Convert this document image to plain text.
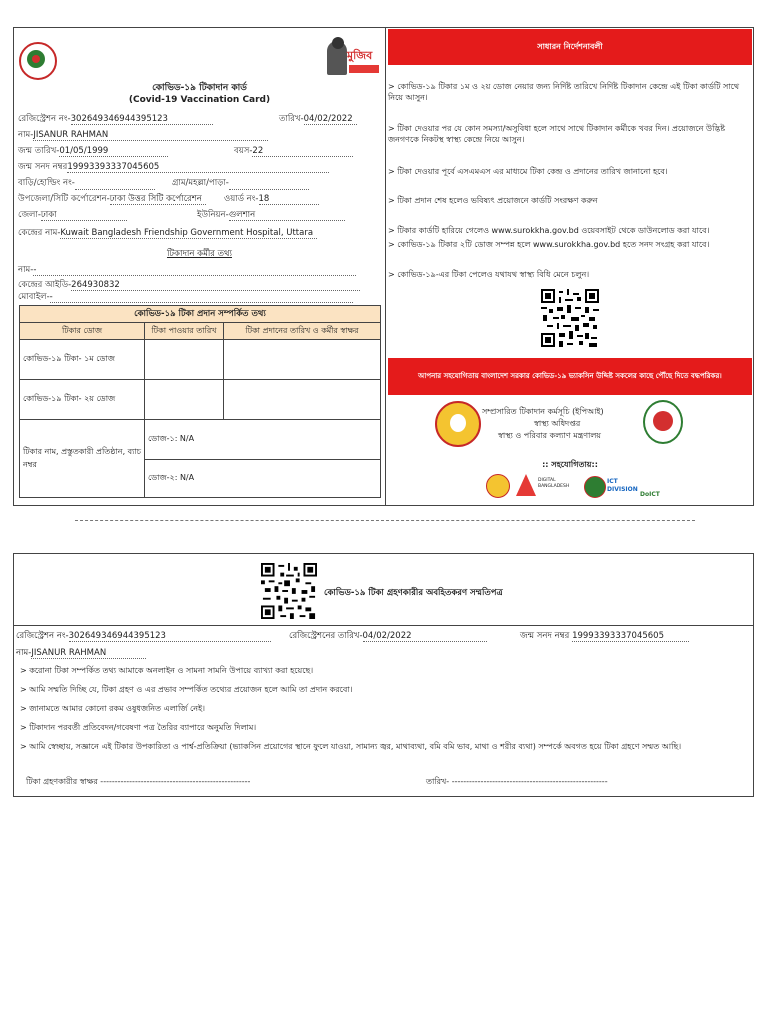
মুজিব
কোভিড-১৯ টিকাদান কার্ড
(Covid-19 Vaccination Card)
রেজিস্ট্রেশন নং-302649346944395123	তারিখ-04/02/2022
নাম-JISANUR RAHMAN
জন্ম তারিখ-01/05/1999	বয়স-22
জন্ম সনদ নম্বর19993393337045605
বাড়ি/হোল্ডিং নং-	গ্রাম/মহল্লা/পাড়া-
উপজেলা/সিটি কর্পোরেশন-ঢাকা উত্তর সিটি কর্পোরেশন	ওয়ার্ড নং-18
জেলা-ঢাকা	ইউনিয়ন-গুলশান
কেন্দ্রের নাম-Kuwait Bangladesh Friendship Government Hospital, Uttara
টিকাদান কর্মীর তথ্য
নাম--
কেন্দ্রের আইডি-264930832
মোবাইল--
কোভিড-১৯ টিকা প্রদান সম্পর্কিত তথ্য		
টিকার ডোজ	টিকা পাওয়ার তারিখ	টিকা প্রদানের তারিখ ও কর্মীর স্বাক্ষর
কোভিড-১৯ টিকা- ১ম ডোজ		
কোভিড-১৯ টিকা- ২য় ডোজ		
টিকার নাম, প্রস্তুতকারী প্রতিষ্ঠান, ব্যাচ নম্বর	ডোজ-১: N/A	
	ডোজ-২: N/A	
সাধারন নির্দেশনাবলী
> কোভিড-১৯ টিকার ১ম ও ২য় ডোজ নেয়ার জন্য নির্দিষ্ট তারিখে নির্দিষ্ট টিকাদান কেন্দ্রে এই টিকা কার্ডটি সাথে নিয়ে আসুন।
> টিকা দেওয়ার পর যে কোন সমস্যা/অসুবিধা হলে সাথে সাথে টিকাদান কর্মীকে খবর দিন। প্রয়োজনে উদ্ভিষ্ট জনগণকে নিকটস্থ স্বাস্থ্য কেন্দ্রে নিয়ে আসুন।
> টিকা দেওয়ার পূর্বে এসএমএস এর মাধ্যমে টিকা কেন্দ্র ও প্রদানের তারিখ জানানো হবে।
> টিকা প্রদান শেষ হলেও ভবিষ্যৎ প্রয়োজনে কার্ডটি সংরক্ষণ করুন
> টিকার কার্ডটি হারিয়ে গেলেও www.surokkha.gov.bd ওয়েবসাইট থেকে ডাউনলোড করা যাবে।
> কোভিড-১৯ টিকার ২টি ডোজ সম্পন্ন হলে www.surokkha.gov.bd হতে সনদ সংগ্রহ করা যাবে।
> কোভিড-১৯-এর টিকা পেলেও যথাযথ স্বাস্থ্য বিধি মেনে চলুন।
আপনার সহযোগিতায় বাংলাদেশ সরকার কোভিড-১৯ ভ্যাকসিন উদ্দিষ্ট সকলের কাছে পৌঁছে দিতে বদ্ধপরিকর।
সম্প্রসারিত টিকাদান কর্মসূচি (ইপিআই)
স্বাস্থ্য অধিদপ্তর
স্বাস্থ্য ও পরিবার কল্যাণ মন্ত্রণালয়
:: সহযোগিতায়::
DIGITAL BANGLADESH
ICT DIVISION
DoICT
কোভিড-১৯ টিকা গ্রহণকারীর অবহিতকরণ সম্মতিপত্র
রেজিস্ট্রেশন নং-302649346944395123	রেজিস্ট্রেশনের তারিখ-04/02/2022	জন্ম সনদ নম্বর 19993393337045605
নাম-JISANUR RAHMAN
> করোনা টিকা সম্পর্কিত তথ্য আমাকে অনলাইন ও সামনা সামনি উপায়ে ব্যাখ্যা করা হয়েছে।
> আমি সম্মতি দিচ্ছি যে, টিকা গ্রহণ ও এর প্রভাব সম্পর্কিত তথ্যের প্রয়োজন হলে আমি তা প্রদান করবো।
> জানামতে আমার কোনো রকম ওষুধজনিত এলার্জি নেই।
> টিকাদান পরবর্তী প্রতিবেদন/গবেষণা পত্র তৈরির ব্যাপারে অনুমতি দিলাম।
> আমি স্বেচ্ছায়, সজ্ঞানে এই টিকার উপকারিতা ও পার্শ্ব-প্রতিক্রিয়া (ভ্যাকসিন প্রয়োগের স্থানে ফুলে যাওয়া, সামান্য জ্বর, মাথাব্যথা, বমি বমি ভাব, মাথা ও শরীর ব্যথা) সম্পর্কে অবগত হয়ে টিকা গ্রহণে সম্মত আছি।
টিকা গ্রহণকারীর স্বাক্ষর ----------------------------------------------------	তারিখ- ------------------------------------------------------
